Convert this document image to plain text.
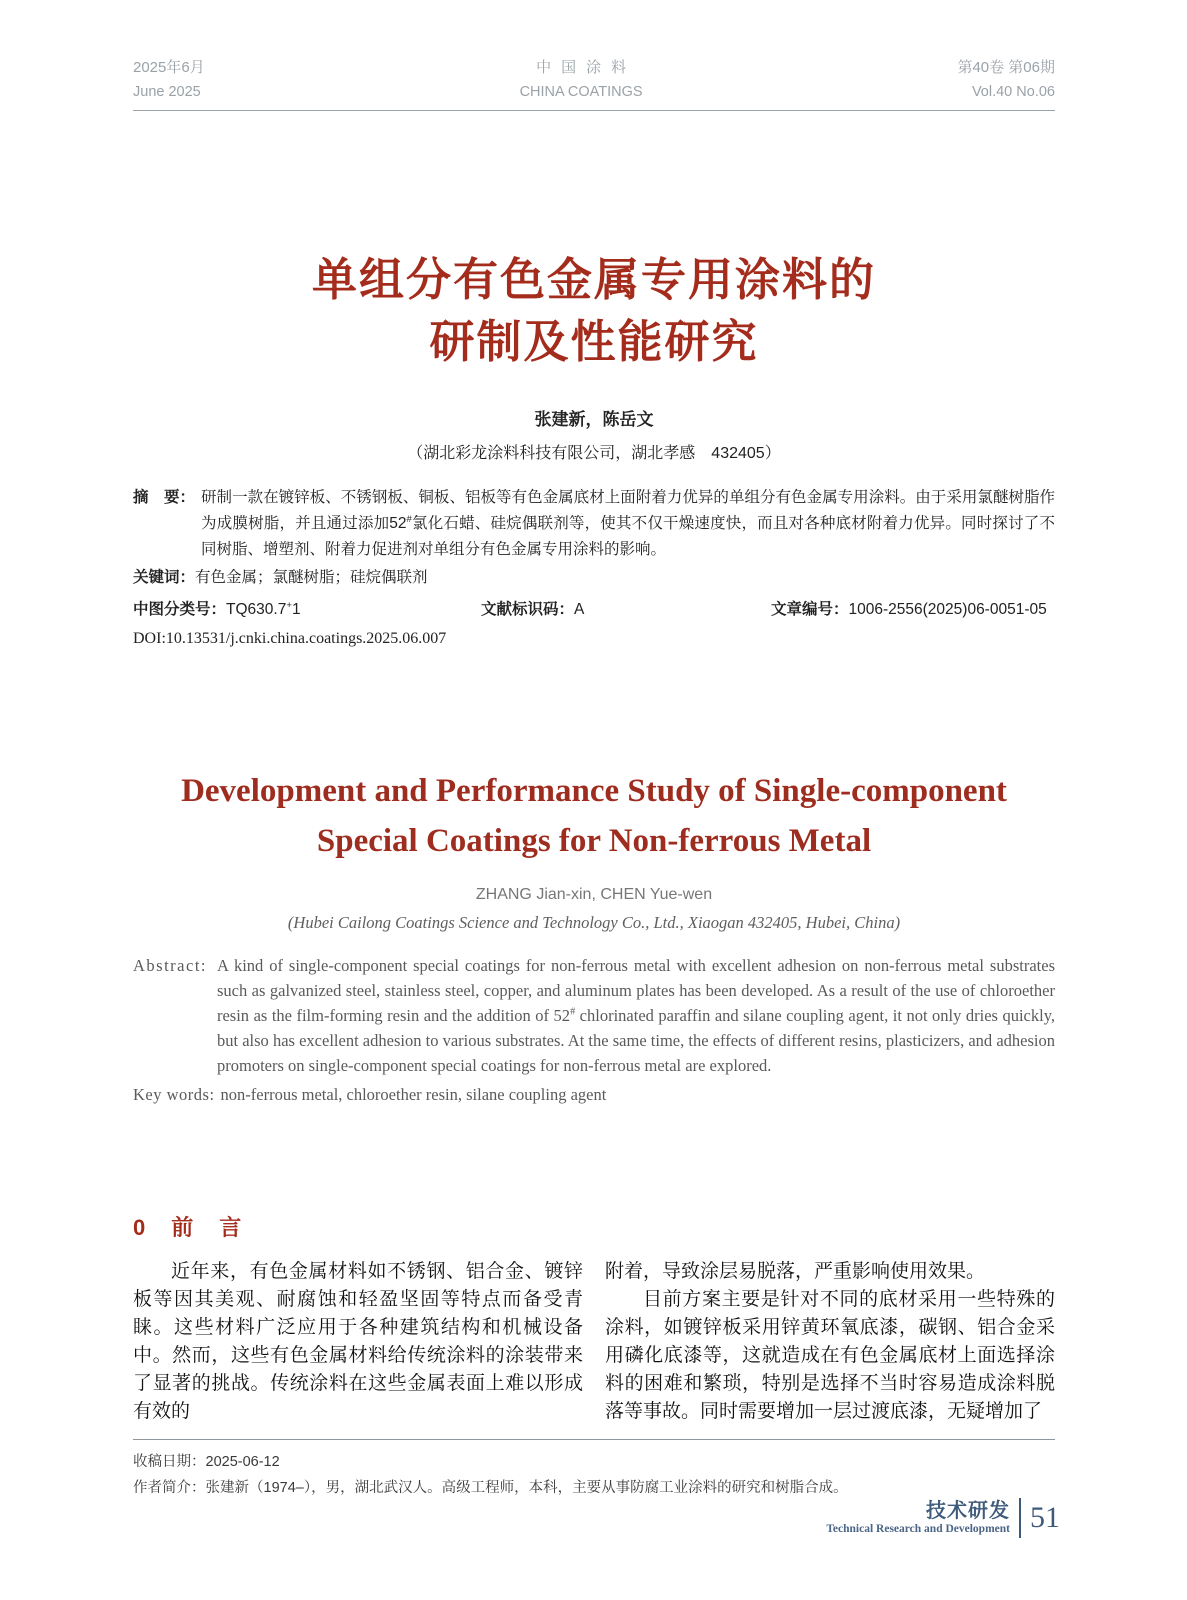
2025年6月
June 2025
中国涂料
CHINA COATINGS
第40卷 第06期
Vol.40 No.06
单组分有色金属专用涂料的
研制及性能研究
张建新，陈岳文
（湖北彩龙涂料科技有限公司，湖北孝感　432405）
摘　要： 研制一款在镀锌板、不锈钢板、铜板、铝板等有色金属底材上面附着力优异的单组分有色金属专用涂料。由于采用氯醚树脂作为成膜树脂，并且通过添加52#氯化石蜡、硅烷偶联剂等，使其不仅干燥速度快，而且对各种底材附着力优异。同时探讨了不同树脂、增塑剂、附着力促进剂对单组分有色金属专用涂料的影响。
关键词：有色金属；氯醚树脂；硅烷偶联剂
中图分类号：TQ630.7+1	文献标识码：A	文章编号：1006-2556(2025)06-0051-05
DOI:10.13531/j.cnki.china.coatings.2025.06.007
Development and Performance Study of Single-component
Special Coatings for Non-ferrous Metal
ZHANG Jian-xin, CHEN Yue-wen
(Hubei Cailong Coatings Science and Technology Co., Ltd., Xiaogan 432405, Hubei, China)
Abstract: A kind of single-component special coatings for non-ferrous metal with excellent adhesion on non-ferrous metal substrates such as galvanized steel, stainless steel, copper, and aluminum plates has been developed. As a result of the use of chloroether resin as the film-forming resin and the addition of 52# chlorinated paraffin and silane coupling agent, it not only dries quickly, but also has excellent adhesion to various substrates. At the same time, the effects of different resins, plasticizers, and adhesion promoters on single-component special coatings for non-ferrous metal are explored.
Key words: non-ferrous metal, chloroether resin, silane coupling agent
0　前　言

近年来，有色金属材料如不锈钢、铝合金、镀锌板等因其美观、耐腐蚀和轻盈坚固等特点而备受青睐。这些材料广泛应用于各种建筑结构和机械设备中。然而，这些有色金属材料给传统涂料的涂装带来了显著的挑战。传统涂料在这些金属表面上难以形成有效的

附着，导致涂层易脱落，严重影响使用效果。

目前方案主要是针对不同的底材采用一些特殊的涂料，如镀锌板采用锌黄环氧底漆，碳钢、铝合金采用磷化底漆等，这就造成在有色金属底材上面选择涂料的困难和繁琐，特别是选择不当时容易造成涂料脱落等事故。同时需要增加一层过渡底漆，无疑增加了

收稿日期：2025-06-12
作者简介：张建新（1974–），男，湖北武汉人。高级工程师，本科，主要从事防腐工业涂料的研究和树脂合成。
技术研发
Technical Research and Development 51
